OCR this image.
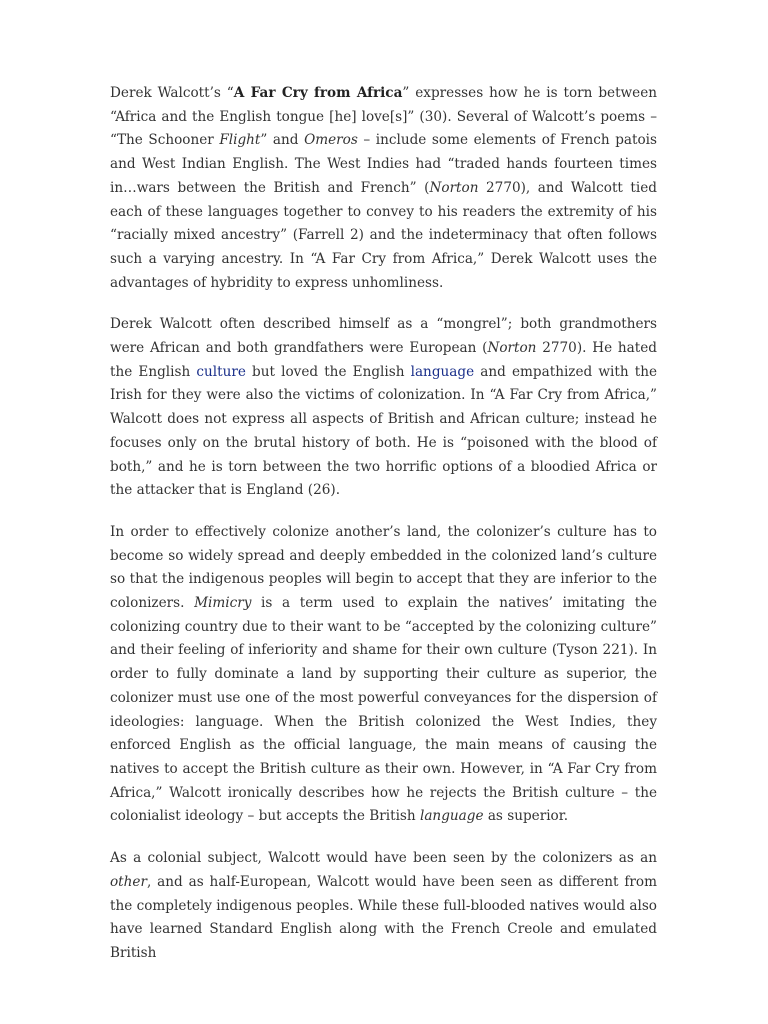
Derek Walcott’s “A Far Cry from Africa” expresses how he is torn between “Africa and the English tongue [he] love[s]” (30). Several of Walcott’s poems – “The Schooner Flight” and Omeros – include some elements of French patois and West Indian English. The West Indies had “traded hands fourteen times in…wars between the British and French” (Norton 2770), and Walcott tied each of these languages together to convey to his readers the extremity of his “racially mixed ancestry” (Farrell 2) and the indeterminacy that often follows such a varying ancestry. In “A Far Cry from Africa,” Derek Walcott uses the advantages of hybridity to express unhomliness.

Derek Walcott often described himself as a “mongrel”; both grandmothers were African and both grandfathers were European (Norton 2770). He hated the English culture but loved the English language and empathized with the Irish for they were also the victims of colonization. In “A Far Cry from Africa,” Walcott does not express all aspects of British and African culture; instead he focuses only on the brutal history of both. He is “poisoned with the blood of both,” and he is torn between the two horrific options of a bloodied Africa or the attacker that is England (26).

In order to effectively colonize another’s land, the colonizer’s culture has to become so widely spread and deeply embedded in the colonized land’s culture so that the indigenous peoples will begin to accept that they are inferior to the colonizers. Mimicry is a term used to explain the natives’ imitating the colonizing country due to their want to be “accepted by the colonizing culture” and their feeling of inferiority and shame for their own culture (Tyson 221). In order to fully dominate a land by supporting their culture as superior, the colonizer must use one of the most powerful conveyances for the dispersion of ideologies: language. When the British colonized the West Indies, they enforced English as the official language, the main means of causing the natives to accept the British culture as their own. However, in “A Far Cry from Africa,” Walcott ironically describes how he rejects the British culture – the colonialist ideology – but accepts the British language as superior.

As a colonial subject, Walcott would have been seen by the colonizers as an other, and as half-European, Walcott would have been seen as different from the completely indigenous peoples. While these full-blooded natives would also have learned Standard English along with the French Creole and emulated British
